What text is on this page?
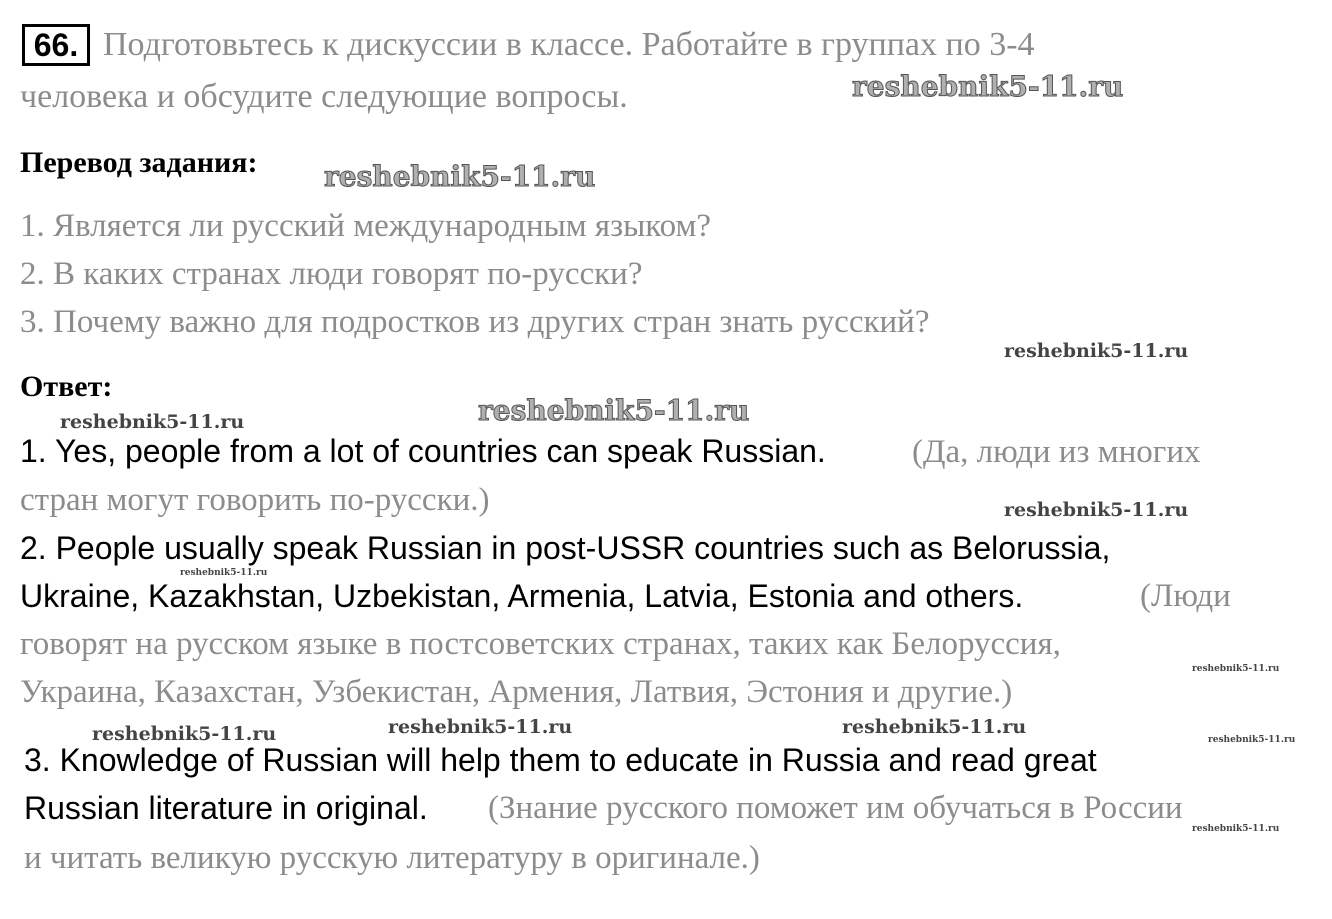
66. Подготовьтесь к дискуссии в классе. Работайте в группах по 3-4
человека и обсудите следующие вопросы.
Перевод задания:
1. Является ли русский международным языком?
2. В каких странах люди говорят по-русски?
3. Почему важно для подростков из других стран знать русский?
Ответ:
1. Yes, people from a lot of countries can speak Russian.	(Да, люди из многих
стран могут говорить по-русски.)
2. People usually speak Russian in post-USSR countries such as Belorussia,
Ukraine, Kazakhstan, Uzbekistan, Armenia, Latvia, Estonia and others.	(Люди
говорят на русском языке в постсоветских странах, таких как Белоруссия,
Украина, Казахстан, Узбекистан, Армения, Латвия, Эстония и другие.)
3. Knowledge of Russian will help them to educate in Russia and read great
Russian literature in original. (Знание русского поможет им обучаться в России
и читать великую русскую литературу в оригинале.)
reshebnik5-11.ru
reshebnik5-11.ru
reshebnik5-11.ru
reshebnik5-11.ru
reshebnik5-11.ru
reshebnik5-11.ru
reshebnik5-11.ru	reshebnik5-11.ru	reshebnik5-11.ru
reshebnik5-11.ru
reshebnik5-11.ru
reshebnik5-11.ru
reshebnik5-11.ru
